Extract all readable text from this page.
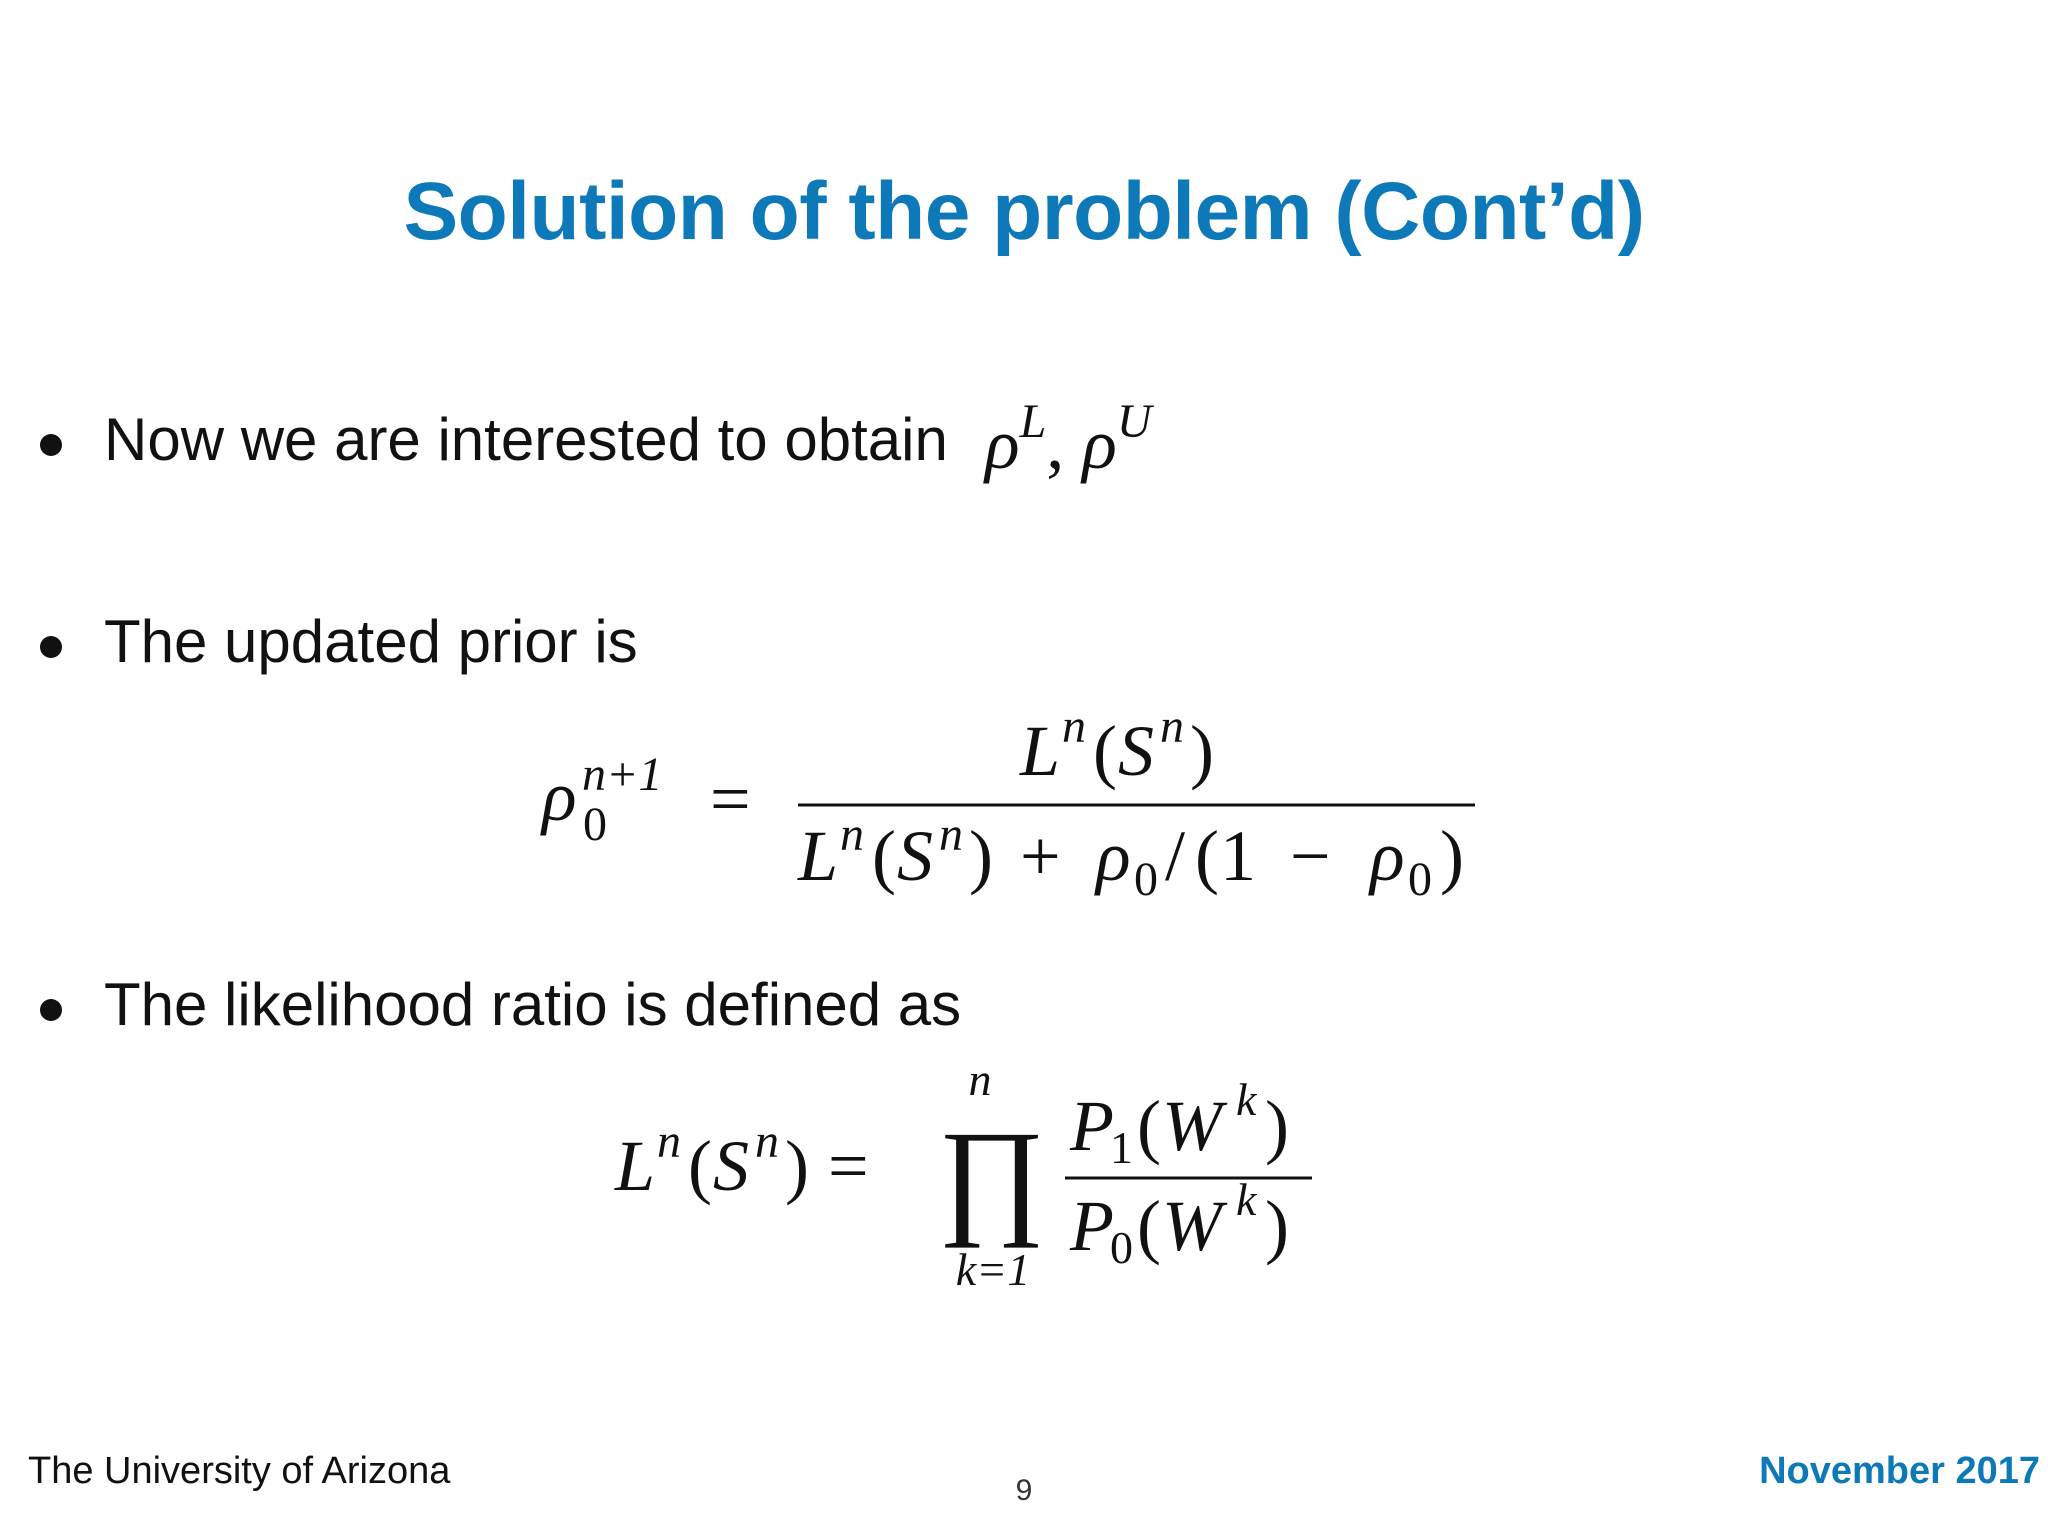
Solution of the problem (Cont’d)
Now we are interested to obtain $\rho^L$, $\rho^U$
The updated prior is
ρ 0
n+1 =
L n ( S n )
L n ( S n ) + ρ 0 / ( 1 − ρ 0 )
The likelihood ratio is defined as
L n ( S n ) = ∏
n
k=1
P
1 ( W k )
P
0 ( W k )
The University of Arizona	9	November 2017
